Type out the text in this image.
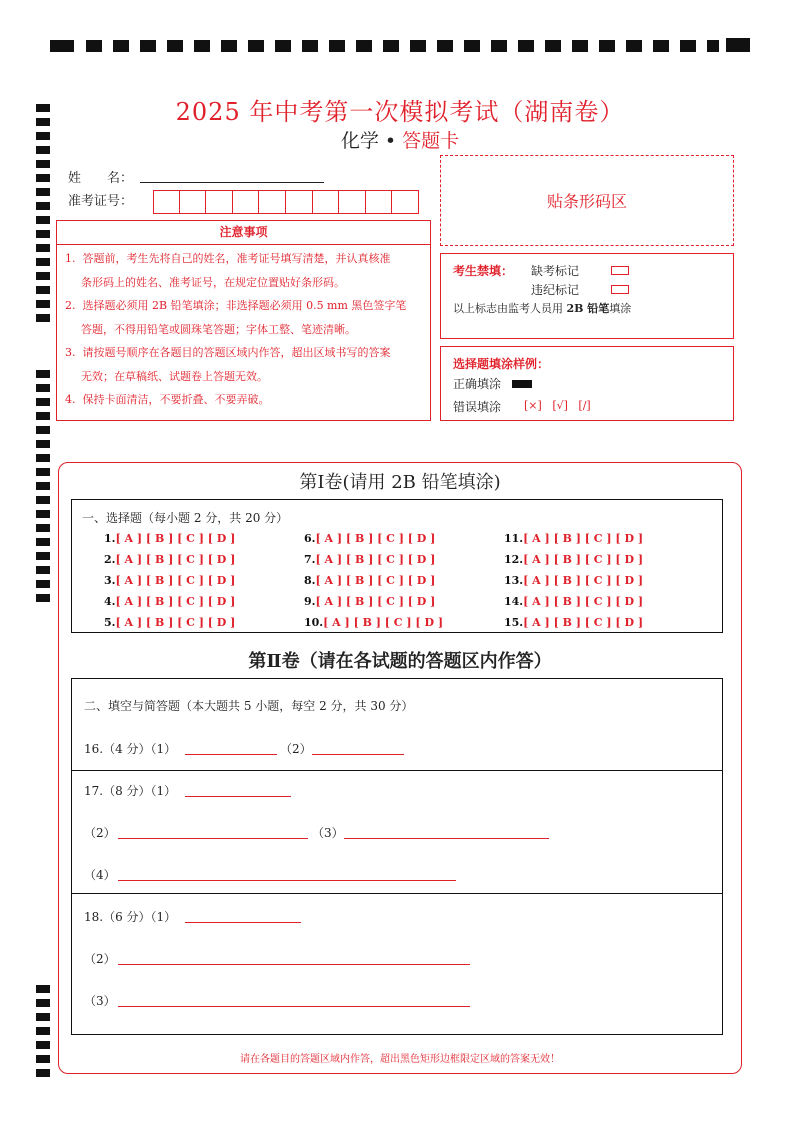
2025 年中考第一次模拟考试（湖南卷）
化学 • 答题卡
姓　　名：
准考证号：	贴条形码区
注意事项
1. 答题前，考生先将自己的姓名，准考证号填写清楚，并认真核准
条形码上的姓名、准考证号，在规定位置贴好条形码。
2. 选择题必须用 2B 铅笔填涂；非选择题必须用 0.5 mm 黑色签字笔
答题，不得用铅笔或圆珠笔答题；字体工整、笔迹清晰。
3. 请按题号顺序在各题目的答题区域内作答，超出区域书写的答案
无效；在草稿纸、试题卷上答题无效。
4. 保持卡面清洁，不要折叠、不要弄破。
考生禁填： 缺考标记
违纪标记
以上标志由监考人员用 2B 铅笔填涂
选择题填涂样例：
正确填涂
错误填涂 [×] [√] [/]
第Ⅰ卷(请用 2B 铅笔填涂)
一、选择题（每小题 2 分，共 20 分）
1.[ A ] [ B ] [ C ] [ D ]
2.[ A ] [ B ] [ C ] [ D ]
3.[ A ] [ B ] [ C ] [ D ]
4.[ A ] [ B ] [ C ] [ D ]
5.[ A ] [ B ] [ C ] [ D ]
6.[ A ] [ B ] [ C ] [ D ]
7.[ A ] [ B ] [ C ] [ D ]
8.[ A ] [ B ] [ C ] [ D ]
9.[ A ] [ B ] [ C ] [ D ]
10.[ A ] [ B ] [ C ] [ D ]
11.[ A ] [ B ] [ C ] [ D ]
12.[ A ] [ B ] [ C ] [ D ]
13.[ A ] [ B ] [ C ] [ D ]
14.[ A ] [ B ] [ C ] [ D ]
15.[ A ] [ B ] [ C ] [ D ]
第Ⅱ卷（请在各试题的答题区内作答）
二、填空与简答题（本大题共 5 小题，每空 2 分，共 30 分）
16.（4 分）（1）	（2）
17.（8 分）（1）
（2）	（3）
（4）
18.（6 分）（1）
（2）
（3）
请在各题目的答题区域内作答，超出黑色矩形边框限定区域的答案无效！
